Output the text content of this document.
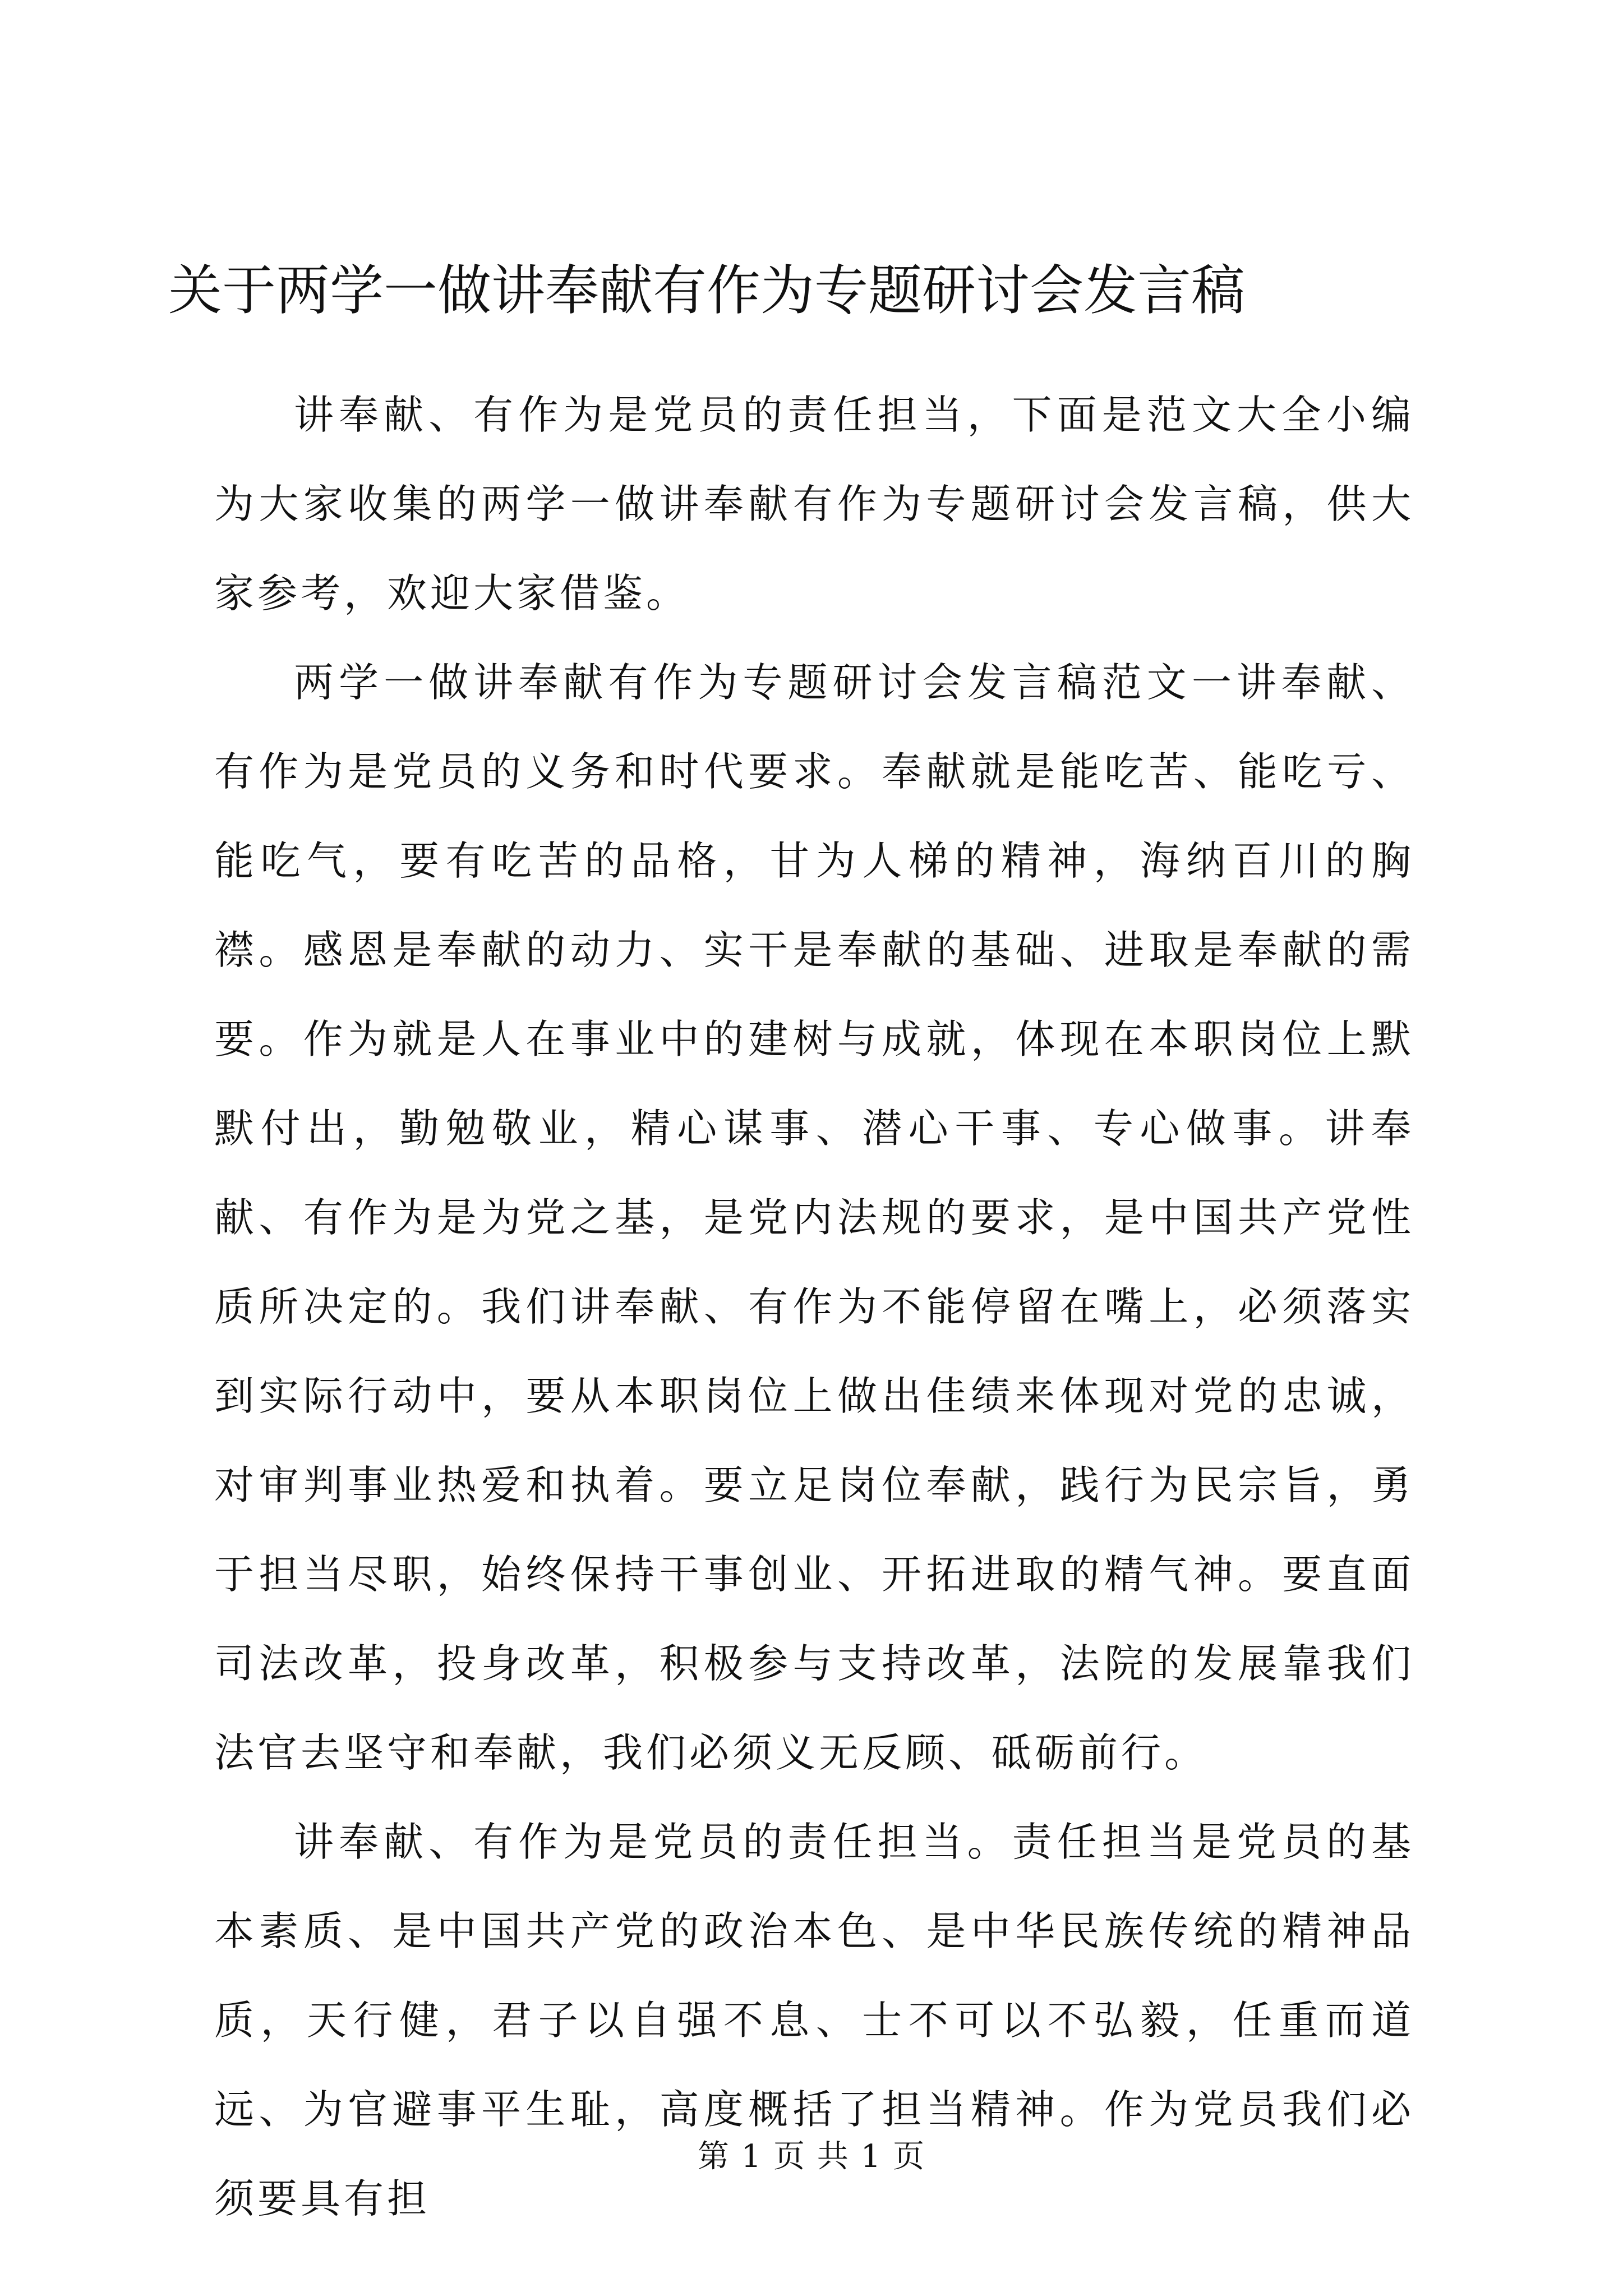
关于两学一做讲奉献有作为专题研讨会发言稿

讲奉献、有作为是党员的责任担当，下面是范文大全小编为大家收集的两学一做讲奉献有作为专题研讨会发言稿，供大家参考，欢迎大家借鉴。

两学一做讲奉献有作为专题研讨会发言稿范文一讲奉献、有作为是党员的义务和时代要求。奉献就是能吃苦、能吃亏、能吃气，要有吃苦的品格，甘为人梯的精神，海纳百川的胸襟。感恩是奉献的动力、实干是奉献的基础、进取是奉献的需要。作为就是人在事业中的建树与成就，体现在本职岗位上默默付出，勤勉敬业，精心谋事、潜心干事、专心做事。讲奉献、有作为是为党之基，是党内法规的要求，是中国共产党性质所决定的。我们讲奉献、有作为不能停留在嘴上，必须落实到实际行动中，要从本职岗位上做出佳绩来体现对党的忠诚，对审判事业热爱和执着。要立足岗位奉献，践行为民宗旨，勇于担当尽职，始终保持干事创业、开拓进取的精气神。要直面司法改革，投身改革，积极参与支持改革，法院的发展靠我们法官去坚守和奉献，我们必须义无反顾、砥砺前行。

讲奉献、有作为是党员的责任担当。责任担当是党员的基本素质、是中国共产党的政治本色、是中华民族传统的精神品质，天行健，君子以自强不息、士不可以不弘毅，任重而道远、为官避事平生耻，高度概括了担当精神。作为党员我们必须要具有担

第 1 页 共 1 页
